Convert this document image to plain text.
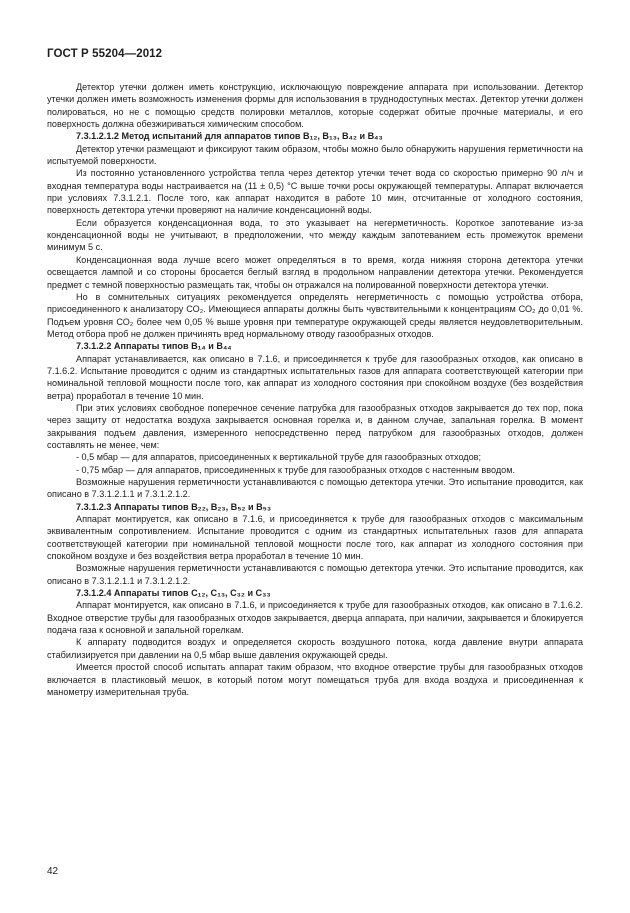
ГОСТ Р 55204—2012

Детектор утечки должен иметь конструкцию, исключающую повреждение аппарата при использовании. Детектор утечки должен иметь возможность изменения формы для использования в труднодоступных местах. Детектор утечки должен полироваться, но не с помощью средств полировки металлов, которые содержат обитые прочные материалы, и его поверхность должна обезжириваться химическим способом.

7.3.1.2.1.2 Метод испытаний для аппаратов типов B₁₂, B₁₃, B₄₂ и B₄₃

Детектор утечки размещают и фиксируют таким образом, чтобы можно было обнаружить нарушения герметичности на испытуемой поверхности.

Из постоянно установленного устройства тепла через детектор утечки течет вода со скоростью примерно 90 л/ч и входная температура воды настраивается на (11 ± 0,5) °С выше точки росы окружающей температуры. Аппарат включается при условиях 7.3.1.2.1. После того, как аппарат находится в работе 10 мин, отсчитанные от холодного состояния, поверхность детектора утечки проверяют на наличие конденсационнй воды.

Если образуется конденсационная вода, то это указывает на негерметичность. Короткое запотевание из-за конденсационной воды не учитывают, в предположении, что между каждым запотеванием есть промежуток времени минимум 5 с.

Конденсационная вода лучше всего может определяться в то время, когда нижняя сторона детектора утечки освещается лампой и со стороны бросается беглый взгляд в продольном направлении детектора утечки. Рекомендуется предмет с темной поверхностью размещать так, чтобы он отражался на полированной поверхности детектора утечки.

Но в сомнительных ситуациях рекомендуется определять негерметичность с помощью устройства отбора, присоединенного к анализатору СО₂. Имеющиеся аппараты должны быть чувствительными к концентрациям СО₂ до 0,01 %. Подъем уровня СО₂ более чем 0,05 % выше уровня при температуре окружающей среды является неудовлетворительным. Метод отбора проб не должен причинять вред нормальному отводу газообразных отходов.

7.3.1.2.2 Аппараты типов B₁₄ и B₄₄

Аппарат устанавливается, как описано в 7.1.6, и присоединяется к трубе для газообразных отходов, как описано в 7.1.6.2. Испытание проводится с одним из стандартных испытательных газов для аппарата соответствующей категории при номинальной тепловой мощности после того, как аппарат из холодного состояния при спокойном воздухе (без воздействия ветра) проработал в течение 10 мин.

При этих условиях свободное поперечное сечение патрубка для газообразных отходов закрывается до тех пор, пока через защиту от недостатка воздуха закрывается основная горелка и, в данном случае, запальная горелка. В момент закрывания подъем давления, измеренного непосредственно перед патрубком для газообразных отходов, должен составлять не менее, чем:

- 0,5 мбар — для аппаратов, присоединенных к вертикальной трубе для газообразных отходов;

- 0,75 мбар — для аппаратов, присоединенных к трубе для газообразных отходов с настенным вводом.

Возможные нарушения герметичности устанавливаются с помощью детектора утечки. Это испытание проводится, как описано в 7.3.1.2.1.1 и 7.3.1.2.1.2.

7.3.1.2.3 Аппараты типов B₂₂, B₂₃, B₅₂ и B₅₃

Аппарат монтируется, как описано в 7.1.6, и присоединяется к трубе для газообразных отходов с максимальным эквивалентным сопротивлением. Испытание проводится с одним из стандартных испытательных газов для аппарата соответствующей категории при номинальной тепловой мощности после того, как аппарат из холодного состояния при спокойном воздухе и без воздействия ветра проработал в течение 10 мин.

Возможные нарушения герметичности устанавливаются с помощью детектора утечки. Это испытание проводится, как описано в 7.3.1.2.1.1 и 7.3.1.2.1.2.

7.3.1.2.4 Аппараты типов C₁₂, C₁₃, C₃₂ и C₃₃

Аппарат монтируется, как описано в 7.1.6, и присоединяется к трубе для газообразных отходов, как описано в 7.1.6.2. Входное отверстие трубы для газообразных отходов закрывается, дверца аппарата, при наличии, закрывается и блокируется подача газа к основной и запальной горелкам.

К аппарату подводится воздух и определяется скорость воздушного потока, когда давление внутри аппарата стабилизируется при давлении на 0,5 мбар выше давления окружающей среды.

Имеется простой способ испытать аппарат таким образом, что входное отверстие трубы для газообразных отходов включается в пластиковый мешок, в который потом могут помещаться труба для входа воздуха и присоединенная к манометру измерительная труба.

42
